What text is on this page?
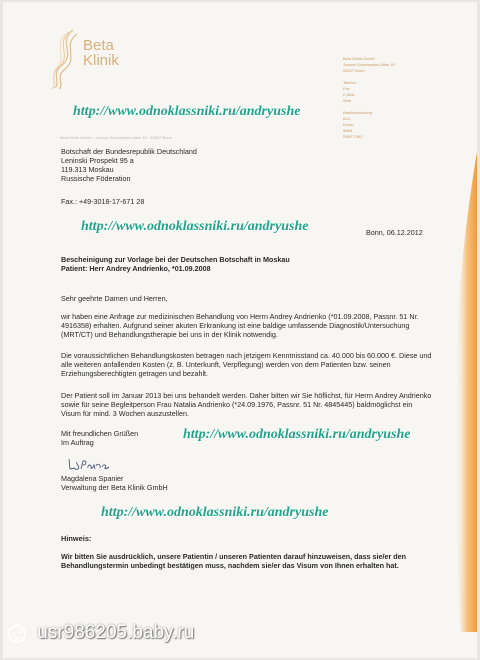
Beta
Klinik	Beta Klinik GmbH
Joseph-Schumpeter-Allee 15
53227 Bonn
Telefon
Fax
E-Mail
Web
Bankverbindung
BLZ
Konto
IBAN
SWIFT-BIC
Beta Klinik GmbH · Joseph-Schumpeter-Allee 15 · 53227 Bonn
Botschaft der Bundesrepublik Deutschland
Leninski Prospekt 95 a
119.313 Moskau
Russische Föderation
Fax.: +49-3018-17-671 28
Bonn, 06.12.2012
Bescheinigung zur Vorlage bei der Deutschen Botschaft in Moskau
Patient: Herr Andrey Andrienko, *01.09.2008
Sehr geehrte Damen und Herren,
wir haben eine Anfrage zur medizinischen Behandlung von Herrn Andrey Andrienko (*01.09.2008, Passnr. 51 Nr. 4916358) erhalten. Aufgrund seiner akuten Erkrankung ist eine baldige umfassende Diagnostik/Untersuchung (MRT/CT) und Behandlungstherapie bei uns in der Klinik notwendig.
Die voraussichtlichen Behandlungskosten betragen nach jetzigem Kenntnisstand ca. 40.000 bis 60.000 €. Diese und alle weiteren anfallenden Kosten (z. B. Unterkunft, Verpflegung) werden von dem Patienten bzw. seinen Erziehungsberechtigten getragen und bezahlt.
Der Patient soll im Januar 2013 bei uns behandelt werden. Daher bitten wir Sie höflichst, für Herrn Andrey Andrienko sowie für seine Begleitperson Frau Natalia Andrienko (*24.09.1976, Passnr. 51 Nr. 4845445) baldmöglichst ein Visum für mind. 3 Wochen auszustellen.
Mit freundlichen Grüßen
Im Auftrag
Magdalena Spanier
Verwaltung der Beta Klinik GmbH
Hinweis:
Wir bitten Sie ausdrücklich, unsere Patientin / unseren Patienten darauf hinzuweisen, dass sie/er den Behandlungstermin unbedingt bestätigen muss, nachdem sie/er das Visum von Ihnen erhalten hat.
http://www.odnoklassniki.ru/andryushe
http://www.odnoklassniki.ru/andryushe
http://www.odnoklassniki.ru/andryushe
http://www.odnoklassniki.ru/andryushe
usr986205.baby.ru
